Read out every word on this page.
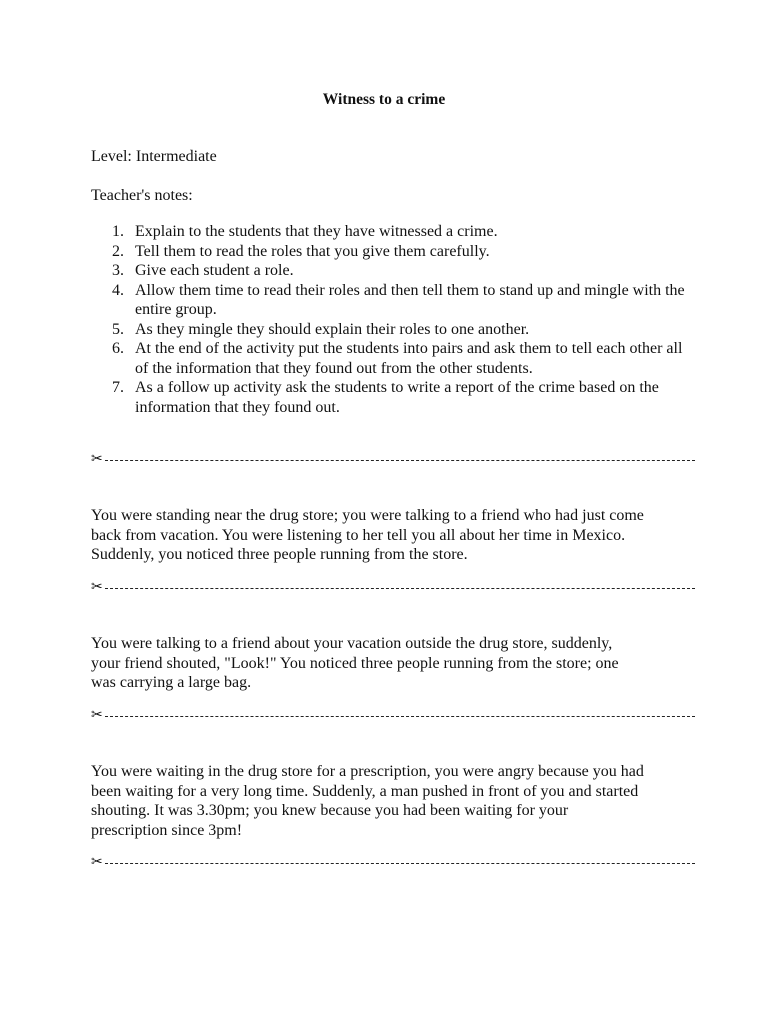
Witness to a crime
Level: Intermediate
Teacher's notes:
1. Explain to the students that they have witnessed a crime.
2. Tell them to read the roles that you give them carefully.
3. Give each student a role.
4. Allow them time to read their roles and then tell them to stand up and mingle with the entire group.
5. As they mingle they should explain their roles to one another.
6. At the end of the activity put the students into pairs and ask them to tell each other all of the information that they found out from the other students.
7. As a follow up activity ask the students to write a report of the crime based on the information that they found out.
✂
You were standing near the drug store; you were talking to a friend who had just come
back from vacation. You were listening to her tell you all about her time in Mexico.
Suddenly, you noticed three people running from the store.
✂
You were talking to a friend about your vacation outside the drug store, suddenly,
your friend shouted, "Look!" You noticed three people running from the store; one
was carrying a large bag.
✂
You were waiting in the drug store for a prescription, you were angry because you had
been waiting for a very long time. Suddenly, a man pushed in front of you and started
shouting. It was 3.30pm; you knew because you had been waiting for your
prescription since 3pm!
✂
